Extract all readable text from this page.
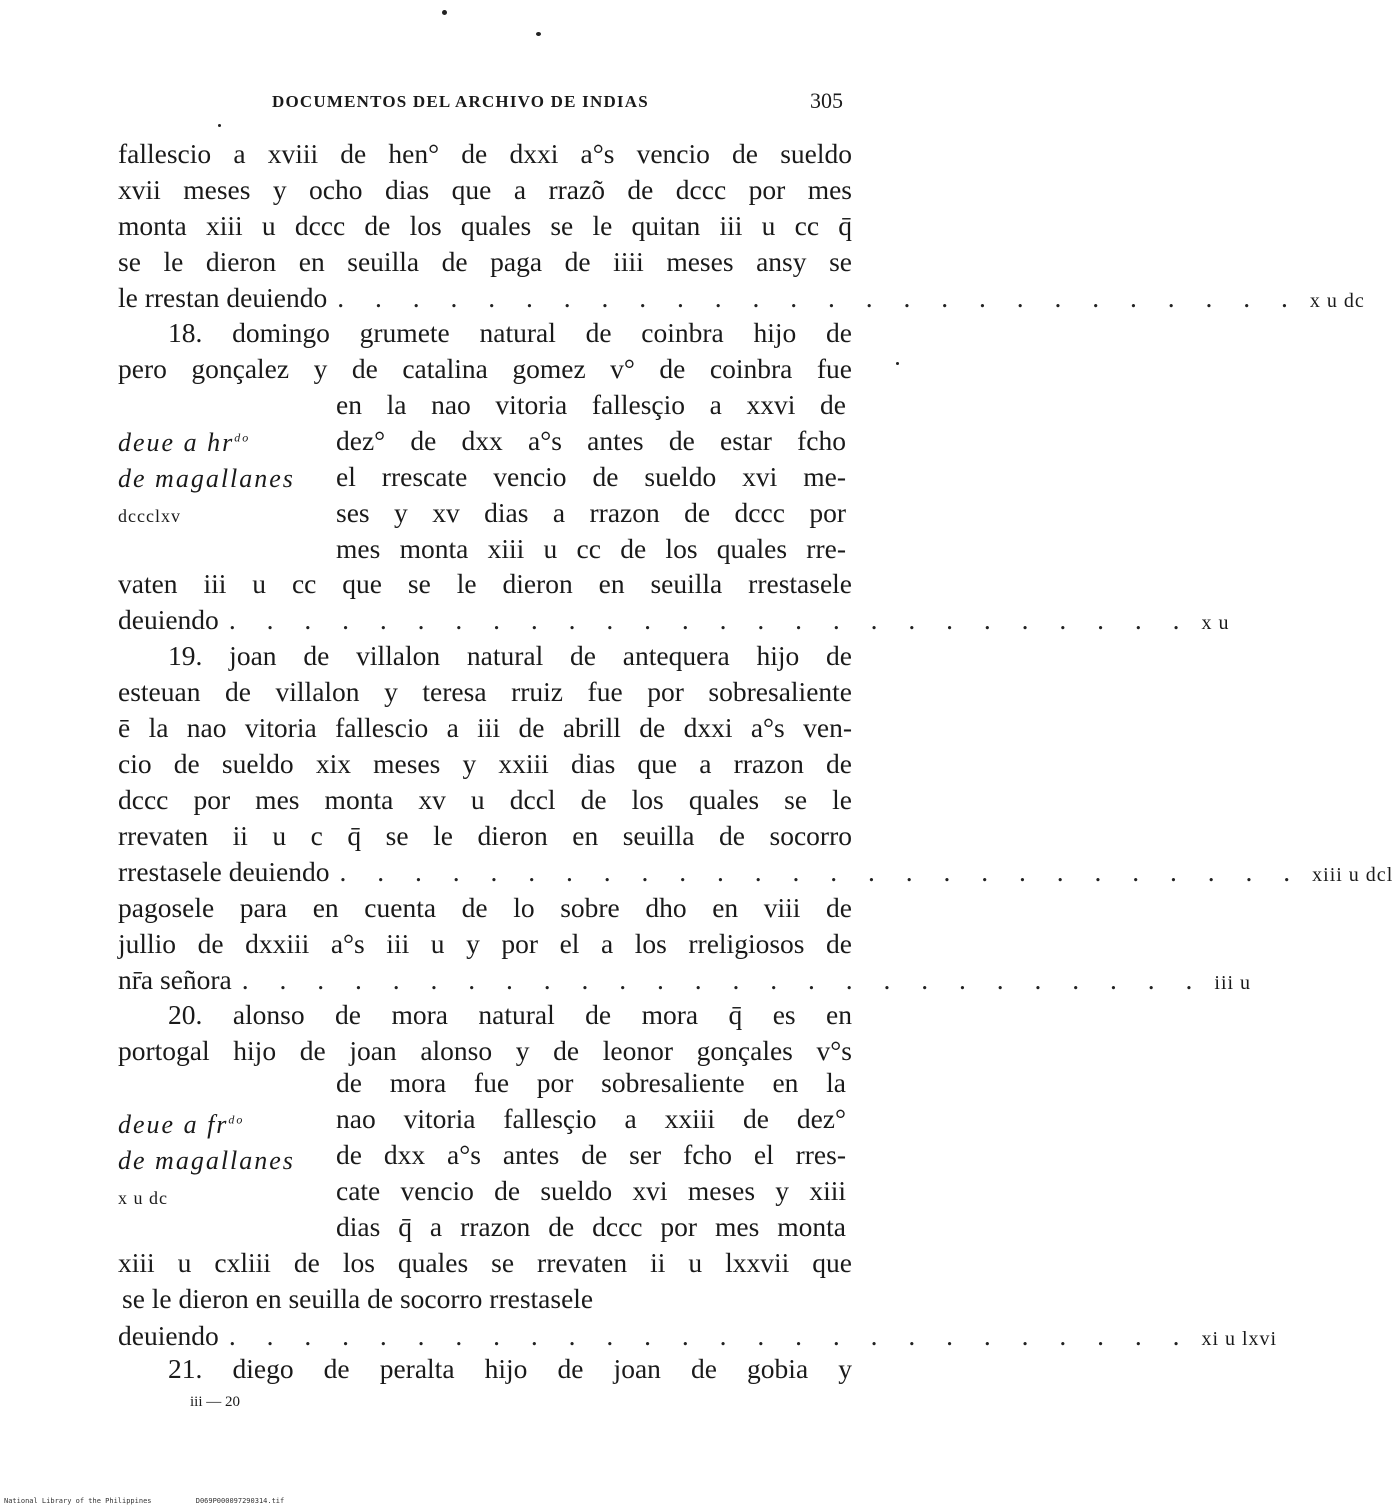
DOCUMENTOS DEL ARCHIVO DE INDIAS	305
fallescio a xviii de hen° de dxxi a°s vencio de sueldo
xvii meses y ocho dias que a rrazõ de dccc por mes
monta xiii u dccc de los quales se le quitan iii u cc q̄
se le dieron en seuilla de paga de iiii meses ansy se
le rrestan deuiendo . . . . . . . . . . . . . . . . . . . . . . . . . . x u dc
18. domingo grumete natural de coinbra hijo de
pero gonçalez y de catalina gomez v° de coinbra fue
en la nao vitoria fallesçio a xxvi de
dez° de dxx a°s antes de estar fcho
el rrescate vencio de sueldo xvi me-
ses y xv dias a rrazon de dccc por
mes monta xiii u cc de los quales rre-
deue a $hr^{do}$
de magallanes
dccclxv
vaten iii u cc que se le dieron en seuilla rrestasele
deuiendo . . . . . . . . . . . . . . . . . . . . . . . . . . x u
19. joan de villalon natural de antequera hijo de
esteuan de villalon y teresa rruiz fue por sobresaliente
ē la nao vitoria fallescio a iii de abrill de dxxi a°s ven-
cio de sueldo xix meses y xxiii dias que a rrazon de
dccc por mes monta xv u dccl de los quales se le
rrevaten ii u c q̄ se le dieron en seuilla de socorro
rrestasele deuiendo . . . . . . . . . . . . . . . . . . . . . . . . . . xiii u dcl
pagosele para en cuenta de lo sobre dho en viii de
jullio de dxxiii a°s iii u y por el a los rreligiosos de
nr̄a señora . . . . . . . . . . . . . . . . . . . . . . . . . . iii u
20. alonso de mora natural de mora q̄ es en
portogal hijo de joan alonso y de leonor gonçales v°s
de mora fue por sobresaliente en la
nao vitoria fallesçio a xxiii de dez°
de dxx a°s antes de ser fcho el rres-
cate vencio de sueldo xvi meses y xiii
dias q̄ a rrazon de dccc por mes monta
deue a $fr^{do}$
de magallanes
x u dc
xiii u cxliii de los quales se rrevaten ii u lxxvii que
se le dieron en seuilla de socorro rrestasele
deuiendo . . . . . . . . . . . . . . . . . . . . . . . . . . xi u lxvi
21. diego de peralta hijo de joan de gobia y
iii — 20
National Library of the Philippines	D069P000097290314.tif
